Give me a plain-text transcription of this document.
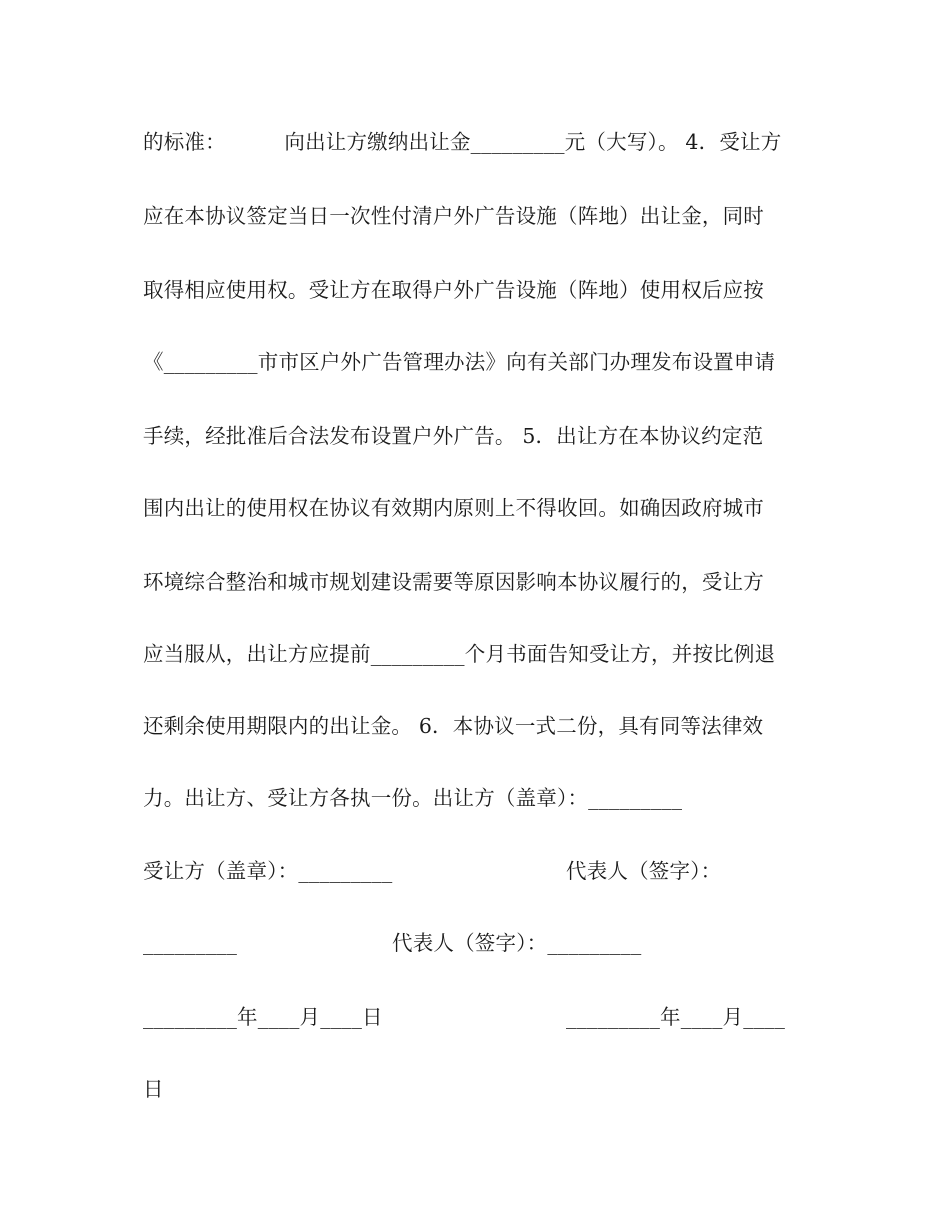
的标准：　　　 向出让方缴纳出让金_________元（大写）。 4．受让方
应在本协议签定当日一次性付清户外广告设施（阵地）出让金，同时
取得相应使用权。受让方在取得户外广告设施（阵地）使用权后应按
《_________市市区户外广告管理办法》向有关部门办理发布设置申请
手续，经批准后合法发布设置户外广告。 5．出让方在本协议约定范
围内出让的使用权在协议有效期内原则上不得收回。如确因政府城市
环境综合整治和城市规划建设需要等原因影响本协议履行的，受让方
应当服从，出让方应提前_________个月书面告知受让方，并按比例退
还剩余使用期限内的出让金。 6．本协议一式二份，具有同等法律效
力。出让方、受让方各执一份。出让方（盖章）：_________
受让方（盖章）：_________	代表人（签字）：
_________	代表人（签字）：_________
_________年____月____日	_________年____月____
日
